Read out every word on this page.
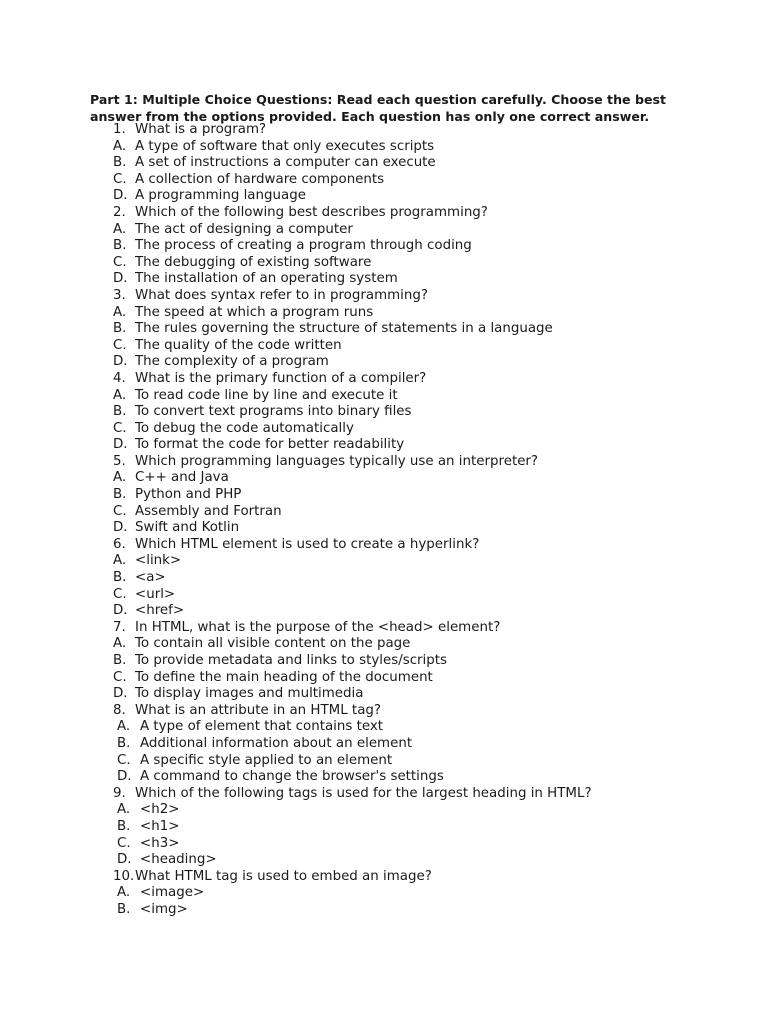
Part 1: Multiple Choice Questions: Read each question carefully. Choose the best answer from the options provided. Each question has only one correct answer.
1. What is a program?
A. A type of software that only executes scripts
B. A set of instructions a computer can execute
C. A collection of hardware components
D. A programming language
2. Which of the following best describes programming?
A. The act of designing a computer
B. The process of creating a program through coding
C. The debugging of existing software
D. The installation of an operating system
3. What does syntax refer to in programming?
A. The speed at which a program runs
B. The rules governing the structure of statements in a language
C. The quality of the code written
D. The complexity of a program
4. What is the primary function of a compiler?
A. To read code line by line and execute it
B. To convert text programs into binary files
C. To debug the code automatically
D. To format the code for better readability
5. Which programming languages typically use an interpreter?
A. C++ and Java
B. Python and PHP
C. Assembly and Fortran
D. Swift and Kotlin
6. Which HTML element is used to create a hyperlink?
A. <link>
B. <a>
C. <url>
D. <href>
7. In HTML, what is the purpose of the <head> element?
A. To contain all visible content on the page
B. To provide metadata and links to styles/scripts
C. To define the main heading of the document
D. To display images and multimedia
8. What is an attribute in an HTML tag?
A. A type of element that contains text
B. Additional information about an element
C. A specific style applied to an element
D. A command to change the browser's settings
9. Which of the following tags is used for the largest heading in HTML?
A. <h2>
B. <h1>
C. <h3>
D. <heading>
10. What HTML tag is used to embed an image?
A. <image>
B. <img>
